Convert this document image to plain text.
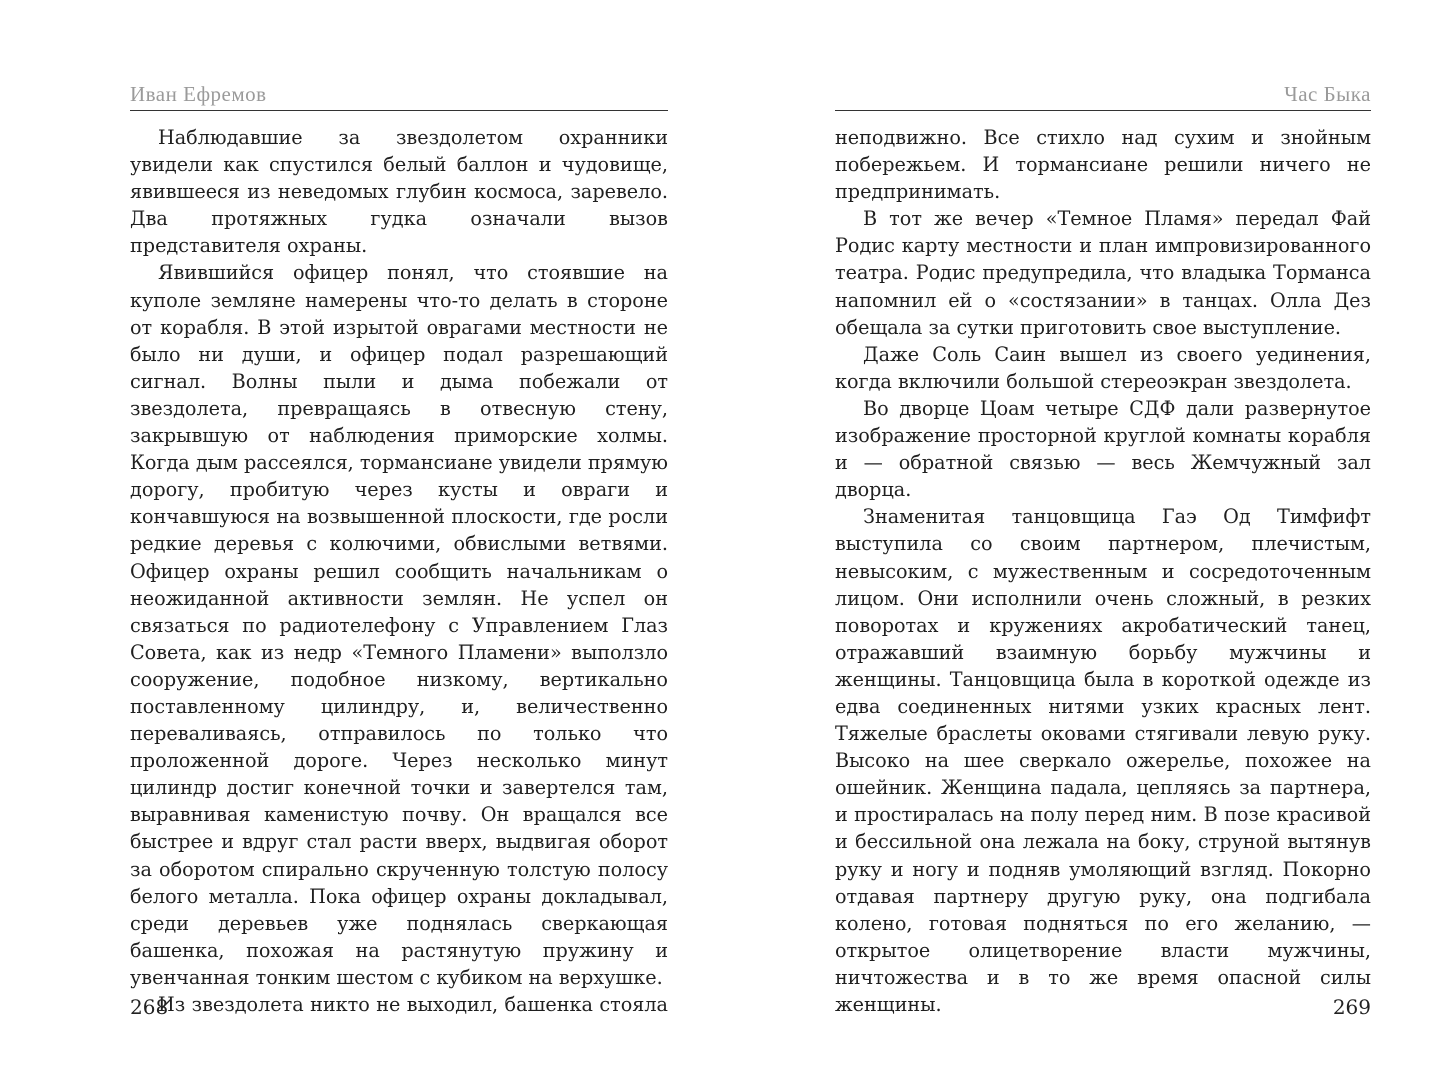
Иван Ефремов

Наблюдавшие за звездолетом охранники увидели как спустился белый баллон и чудовище, явившееся из неведомых глубин космоса, заревело. Два протяжных гудка означали вызов представителя охраны.

Явившийся офицер понял, что стоявшие на куполе земляне намерены что-то делать в стороне от корабля. В этой изрытой оврагами местности не было ни души, и офицер подал разрешающий сигнал. Волны пыли и дыма побежали от звездолета, превращаясь в отвесную стену, закрывшую от наблюдения приморские холмы. Когда дым рассеялся, тормансиане увидели прямую дорогу, пробитую через кусты и овраги и кончавшуюся на возвышенной плоскости, где росли редкие деревья с колючими, обвислыми ветвями. Офицер охраны решил сообщить начальникам о неожиданной активности землян. Не успел он связаться по радиотелефону с Управлением Глаз Совета, как из недр «Темного Пламени» выползло сооружение, подобное низкому, вертикально поставленному цилиндру, и, величественно переваливаясь, отправилось по только что проложенной дороге. Через несколько минут цилиндр достиг конечной точки и завертелся там, выравнивая каменистую почву. Он вращался все быстрее и вдруг стал расти вверх, выдвигая оборот за оборотом спирально скрученную толстую полосу белого металла. Пока офицер охраны докладывал, среди деревьев уже поднялась сверкающая башенка, похожая на растянутую пружину и увенчанная тонким шестом с кубиком на верхушке.

Из звездолета никто не выходил, башенка стояла

268
Час Быка

неподвижно. Все стихло над сухим и знойным побережьем. И тормансиане решили ничего не предпринимать.

В тот же вечер «Темное Пламя» передал Фай Родис карту местности и план импровизированного театра. Родис предупредила, что владыка Торманса напомнил ей о «состязании» в танцах. Олла Дез обещала за сутки приготовить свое выступление.

Даже Соль Саин вышел из своего уединения, когда включили большой стереоэкран звездолета.

Во дворце Цоам четыре СДФ дали развернутое изображение просторной круглой комнаты корабля и — обратной связью — весь Жемчужный зал дворца.

Знаменитая танцовщица Гаэ Од Тимфифт выступила со своим партнером, плечистым, невысоким, с мужественным и сосредоточенным лицом. Они исполнили очень сложный, в резких поворотах и кружениях акробатический танец, отражавший взаимную борьбу мужчины и женщины. Танцовщица была в короткой одежде из едва соединенных нитями узких красных лент. Тяжелые браслеты оковами стягивали левую руку. Высоко на шее сверкало ожерелье, похожее на ошейник. Женщина падала, цепляясь за партнера, и простиралась на полу перед ним. В позе красивой и бессильной она лежала на боку, струной вытянув руку и ногу и подняв умоляющий взгляд. Покорно отдавая партнеру другую руку, она подгибала колено, готовая подняться по его желанию, — открытое олицетворение власти мужчины, ничтожества и в то же время опасной силы женщины.	269
